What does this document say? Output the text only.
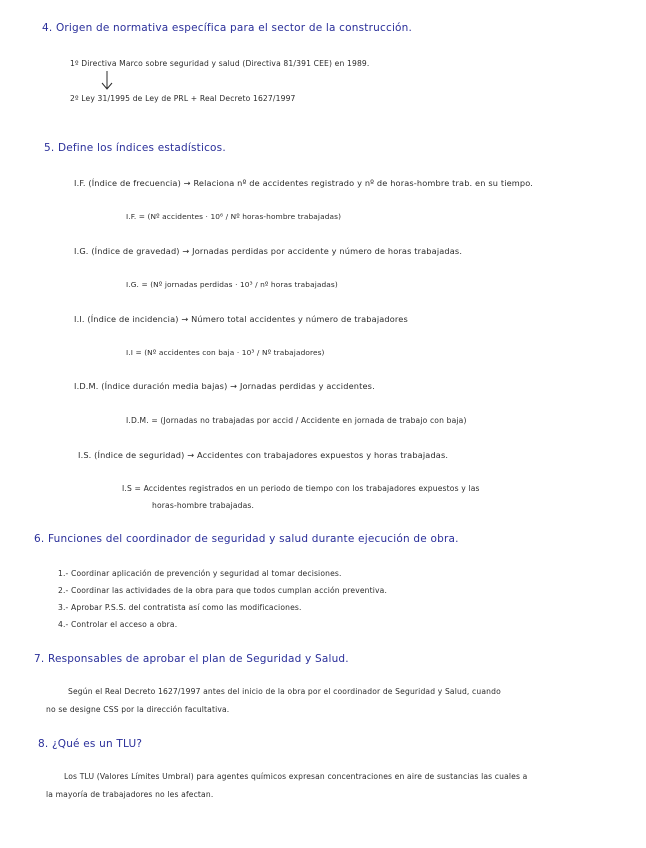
4. Origen de normativa específica para el sector de la construcción.
1º Directiva Marco sobre seguridad y salud (Directiva 81/391 CEE) en 1989.
2º Ley 31/1995 de Ley de PRL + Real Decreto 1627/1997
5. Define los índices estadísticos.
I.F. (Índice de frecuencia) → Relaciona nº de accidentes registrado y nº de horas-hombre trab. en su tiempo.
I.F. = (Nº accidentes · 10⁶ / Nº horas-hombre trabajadas)
I.G. (Índice de gravedad) → Jornadas perdidas por accidente y número de horas trabajadas.
I.G. = (Nº jornadas perdidas · 10³ / nº horas trabajadas)
I.I. (Índice de incidencia) → Número total accidentes y número de trabajadores
I.I = (Nº accidentes con baja · 10³ / Nº trabajadores)
I.D.M. (Índice duración media bajas) → Jornadas perdidas y accidentes.
I.D.M. = (Jornadas no trabajadas por accid / Accidente en jornada de trabajo con baja)
I.S. (Índice de seguridad) → Accidentes con trabajadores expuestos y horas trabajadas.
I.S = Accidentes registrados en un periodo de tiempo con los trabajadores expuestos y las
horas-hombre trabajadas.
6. Funciones del coordinador de seguridad y salud durante ejecución de obra.
1.- Coordinar aplicación de prevención y seguridad al tomar decisiones.
2.- Coordinar las actividades de la obra para que todos cumplan acción preventiva.
3.- Aprobar P.S.S. del contratista así como las modificaciones.
4.- Controlar el acceso a obra.
7. Responsables de aprobar el plan de Seguridad y Salud.
Según el Real Decreto 1627/1997 antes del inicio de la obra por el coordinador de Seguridad y Salud, cuando
no se designe CSS por la dirección facultativa.
8. ¿Qué es un TLU?
Los TLU (Valores Límites Umbral) para agentes químicos expresan concentraciones en aire de sustancias las cuales a
la mayoría de trabajadores no les afectan.
